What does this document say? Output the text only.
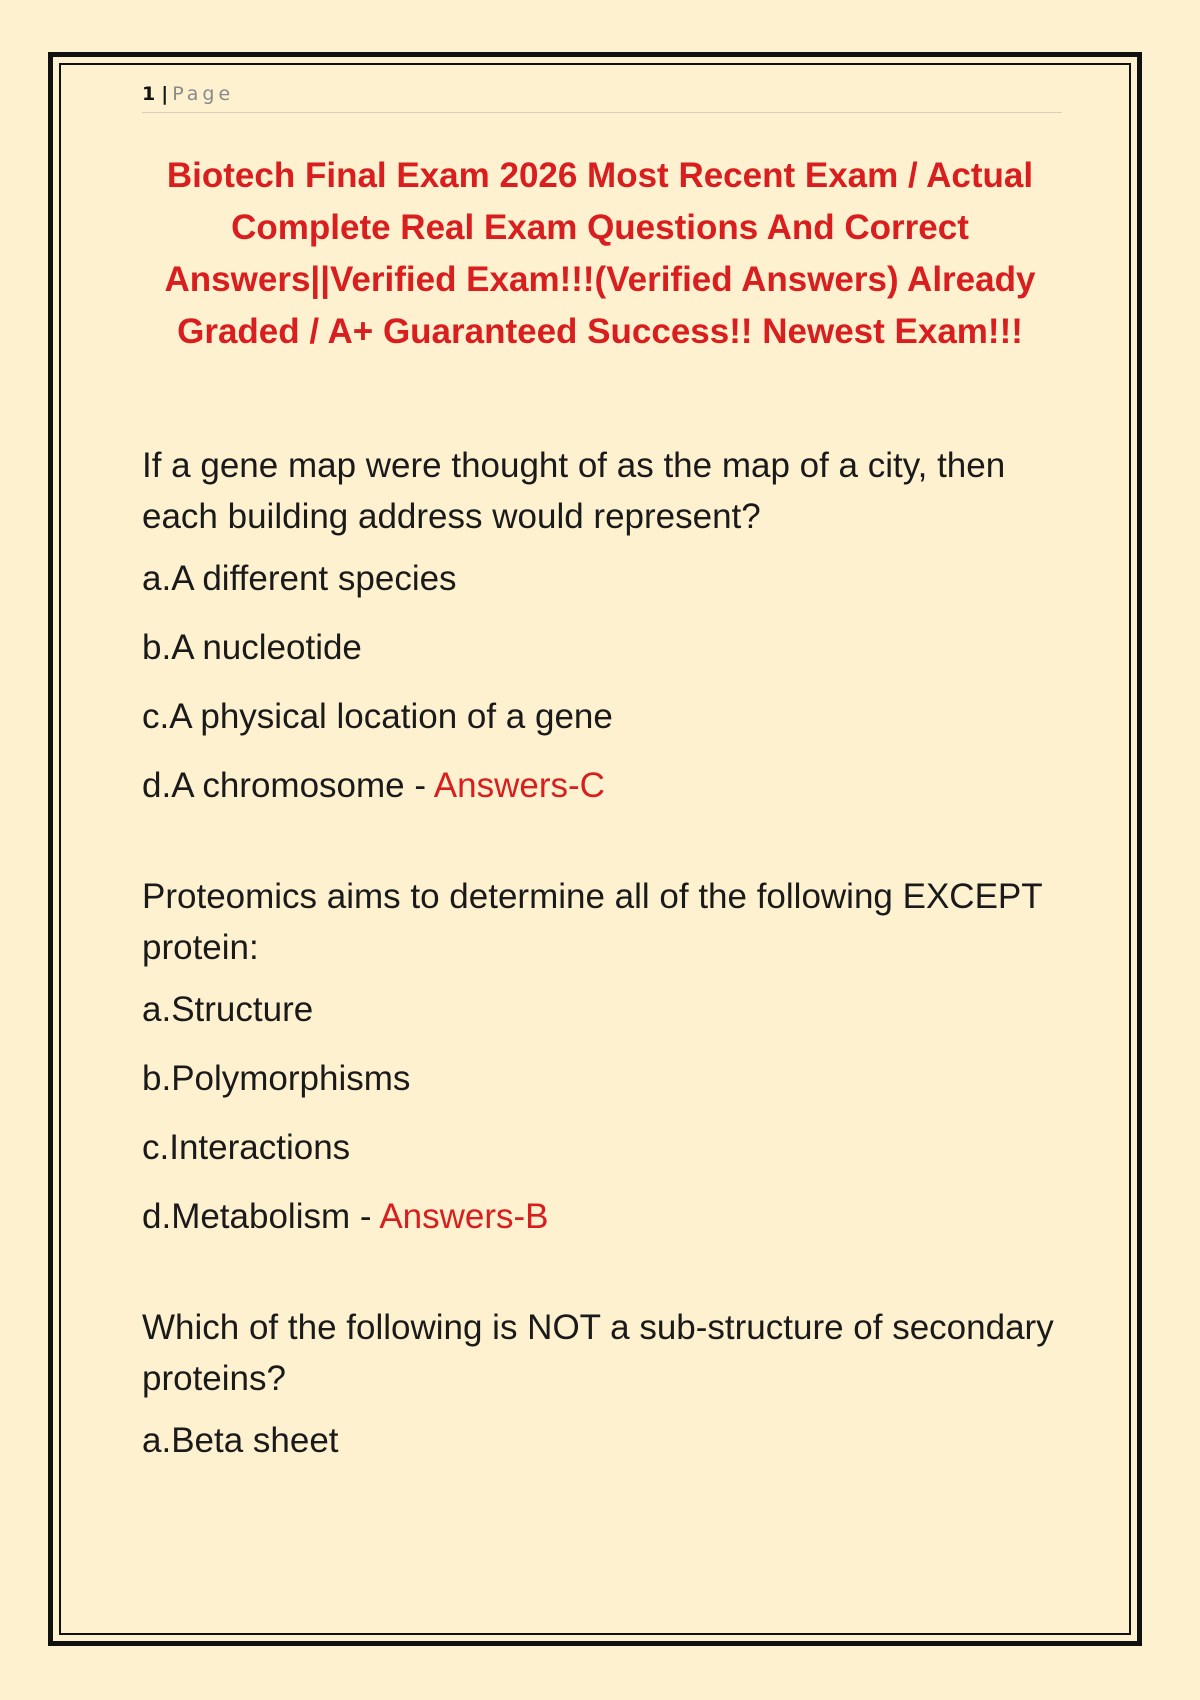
1 | Page
Biotech Final Exam 2026 Most Recent Exam / Actual Complete Real Exam Questions And Correct Answers||Verified Exam!!!(Verified Answers) Already Graded / A+ Guaranteed Success!! Newest Exam!!!

If a gene map were thought of as the map of a city, then each building address would represent?

a.A different species

b.A nucleotide

c.A physical location of a gene

d.A chromosome - Answers-C

Proteomics aims to determine all of the following EXCEPT protein:

a.Structure

b.Polymorphisms

c.Interactions

d.Metabolism - Answers-B

Which of the following is NOT a sub-structure of secondary proteins?

a.Beta sheet
